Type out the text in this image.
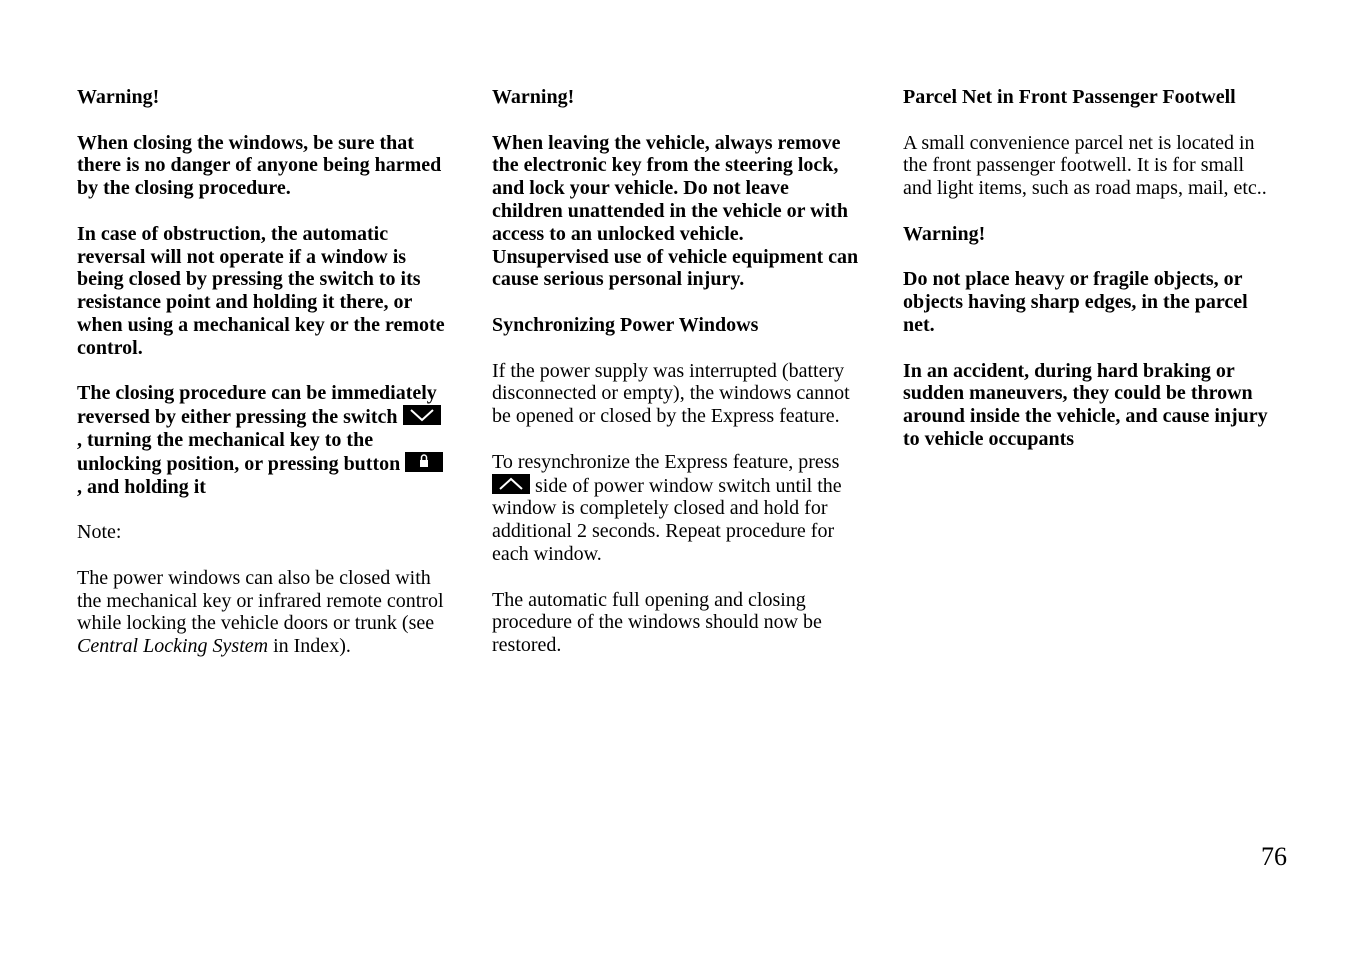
Warning!

When closing the windows, be sure that there is no danger of anyone being harmed by the closing procedure.

In case of obstruction, the automatic reversal will not operate if a window is being closed by pressing the switch to its resistance point and holding it there, or when using a mechanical key or the remote control.

The closing procedure can be immediately reversed by either pressing the switch
, turning the mechanical key to the unlocking position, or pressing button
, and holding it

Note:

The power windows can also be closed with the mechanical key or infrared remote control while locking the vehicle doors or trunk (see Central Locking System in Index).

Warning!

When leaving the vehicle, always remove the electronic key from the steering lock, and lock your vehicle. Do not leave children unattended in the vehicle or with access to an unlocked vehicle. Unsupervised use of vehicle equipment can cause serious personal injury.

Synchronizing Power Windows

If the power supply was interrupted (battery disconnected or empty), the windows cannot be opened or closed by the Express feature.

To resynchronize the Express feature, press
side of power window switch until the window is completely closed and hold for additional 2 seconds. Repeat procedure for each window.

The automatic full opening and closing procedure of the windows should now be restored.

Parcel Net in Front Passenger Footwell

A small convenience parcel net is located in the front passenger footwell. It is for small and light items, such as road maps, mail, etc..

Warning!

Do not place heavy or fragile objects, or objects having sharp edges, in the parcel net.

In an accident, during hard braking or sudden maneuvers, they could be thrown around inside the vehicle, and cause injury to vehicle occupants

76
